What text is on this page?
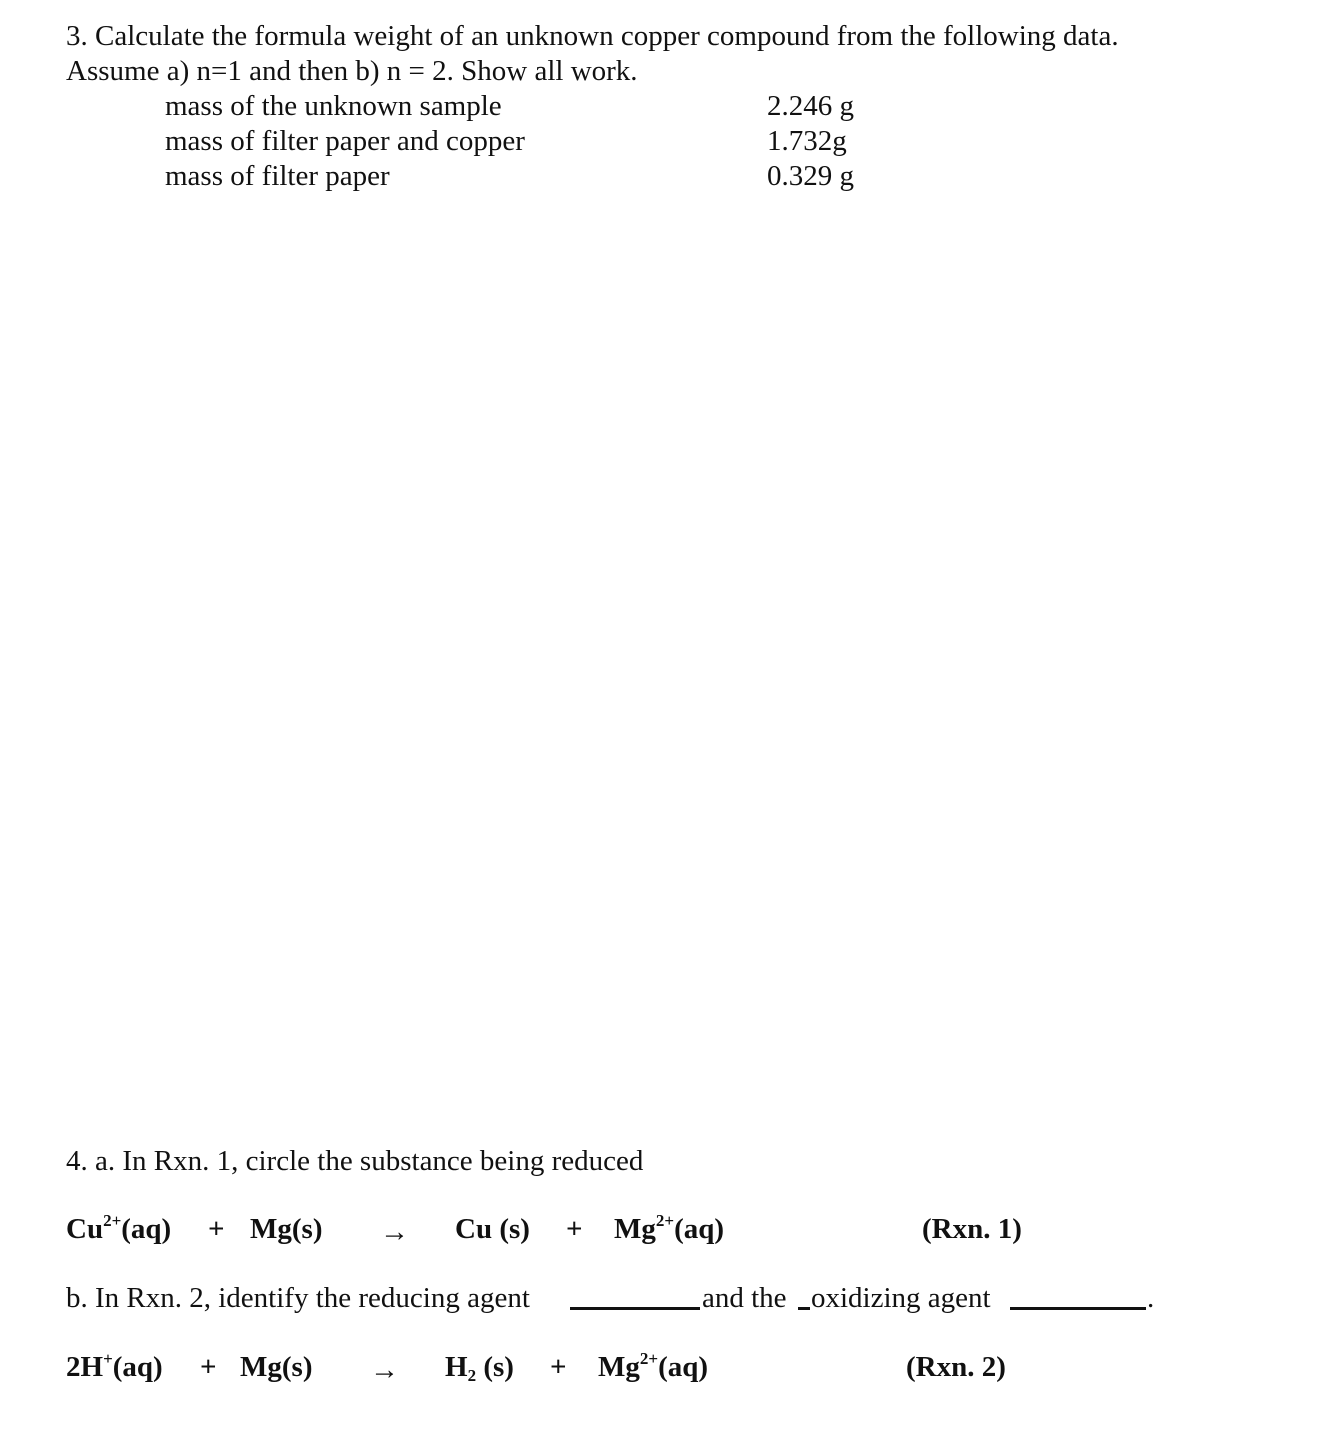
3. Calculate the formula weight of an unknown copper compound from the following data.
Assume a) n=1 and then b) n = 2. Show all work.
mass of the unknown sample	2.246 g
mass of filter paper and copper	1.732g
mass of filter paper	0.329 g
4. a. In Rxn. 1, circle the substance being reduced
$Cu^{2+}(aq) + Mg(s) \to Cu$ $(s) + Mg^{2+}(aq)$	(Rxn. 1)
b. In Rxn. 2, identify the reducing agent	and the oxidizing agent	.
$2H^+(aq) + Mg(s) \to H_2$ $(s) + Mg^{2+}(aq)$	(Rxn. 2)
